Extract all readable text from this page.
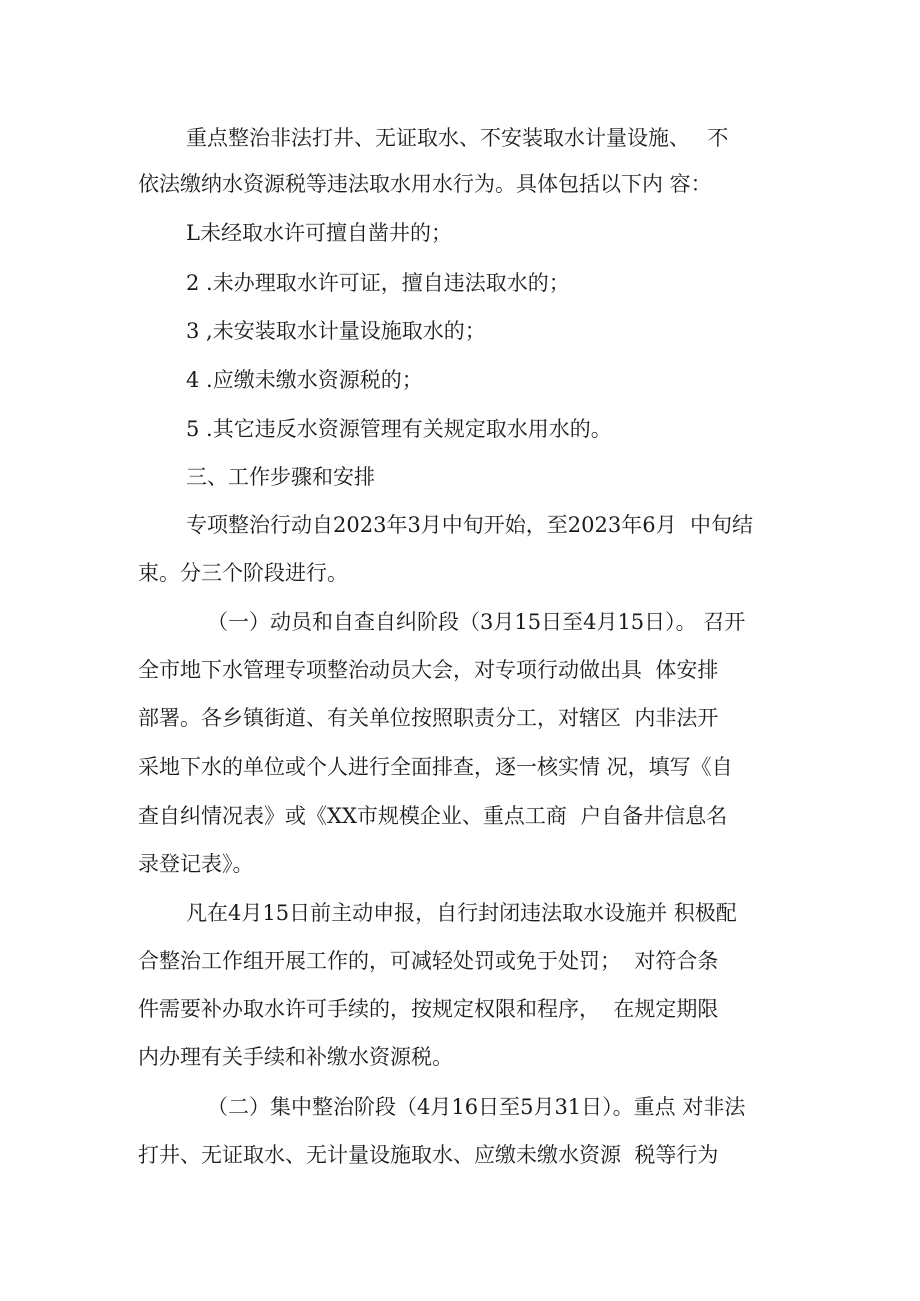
重点整治非法打井、无证取水、不安装取水计量设施、  不
依法缴纳水资源税等违法取水用水行为。具体包括以下内 容：
L未经取水许可擅自凿井的；
2 .未办理取水许可证，擅自违法取水的；
3 ,未安装取水计量设施取水的；
4 .应缴未缴水资源税的；
5 .其它违反水资源管理有关规定取水用水的。
三、工作步骤和安排
专项整治行动自2023年3月中旬开始，至2023年6月  中旬结
束。分三个阶段进行。
（一）动员和自查自纠阶段（3月15日至4月15日）。 召开
全市地下水管理专项整治动员大会，对专项行动做出具  体安排
部署。各乡镇街道、有关单位按照职责分工，对辖区  内非法开
采地下水的单位或个人进行全面排查，逐一核实情 况，填写《自
查自纠情况表》或《XX市规模企业、重点工商  户自备井信息名
录登记表》。
凡在4月15日前主动申报，自行封闭违法取水设施并 积极配
合整治工作组开展工作的，可减轻处罚或免于处罚；  对符合条
件需要补办取水许可手续的，按规定权限和程序，  在规定期限
内办理有关手续和补缴水资源税。
（二）集中整治阶段（4月16日至5月31日）。重点 对非法
打井、无证取水、无计量设施取水、应缴未缴水资源  税等行为
